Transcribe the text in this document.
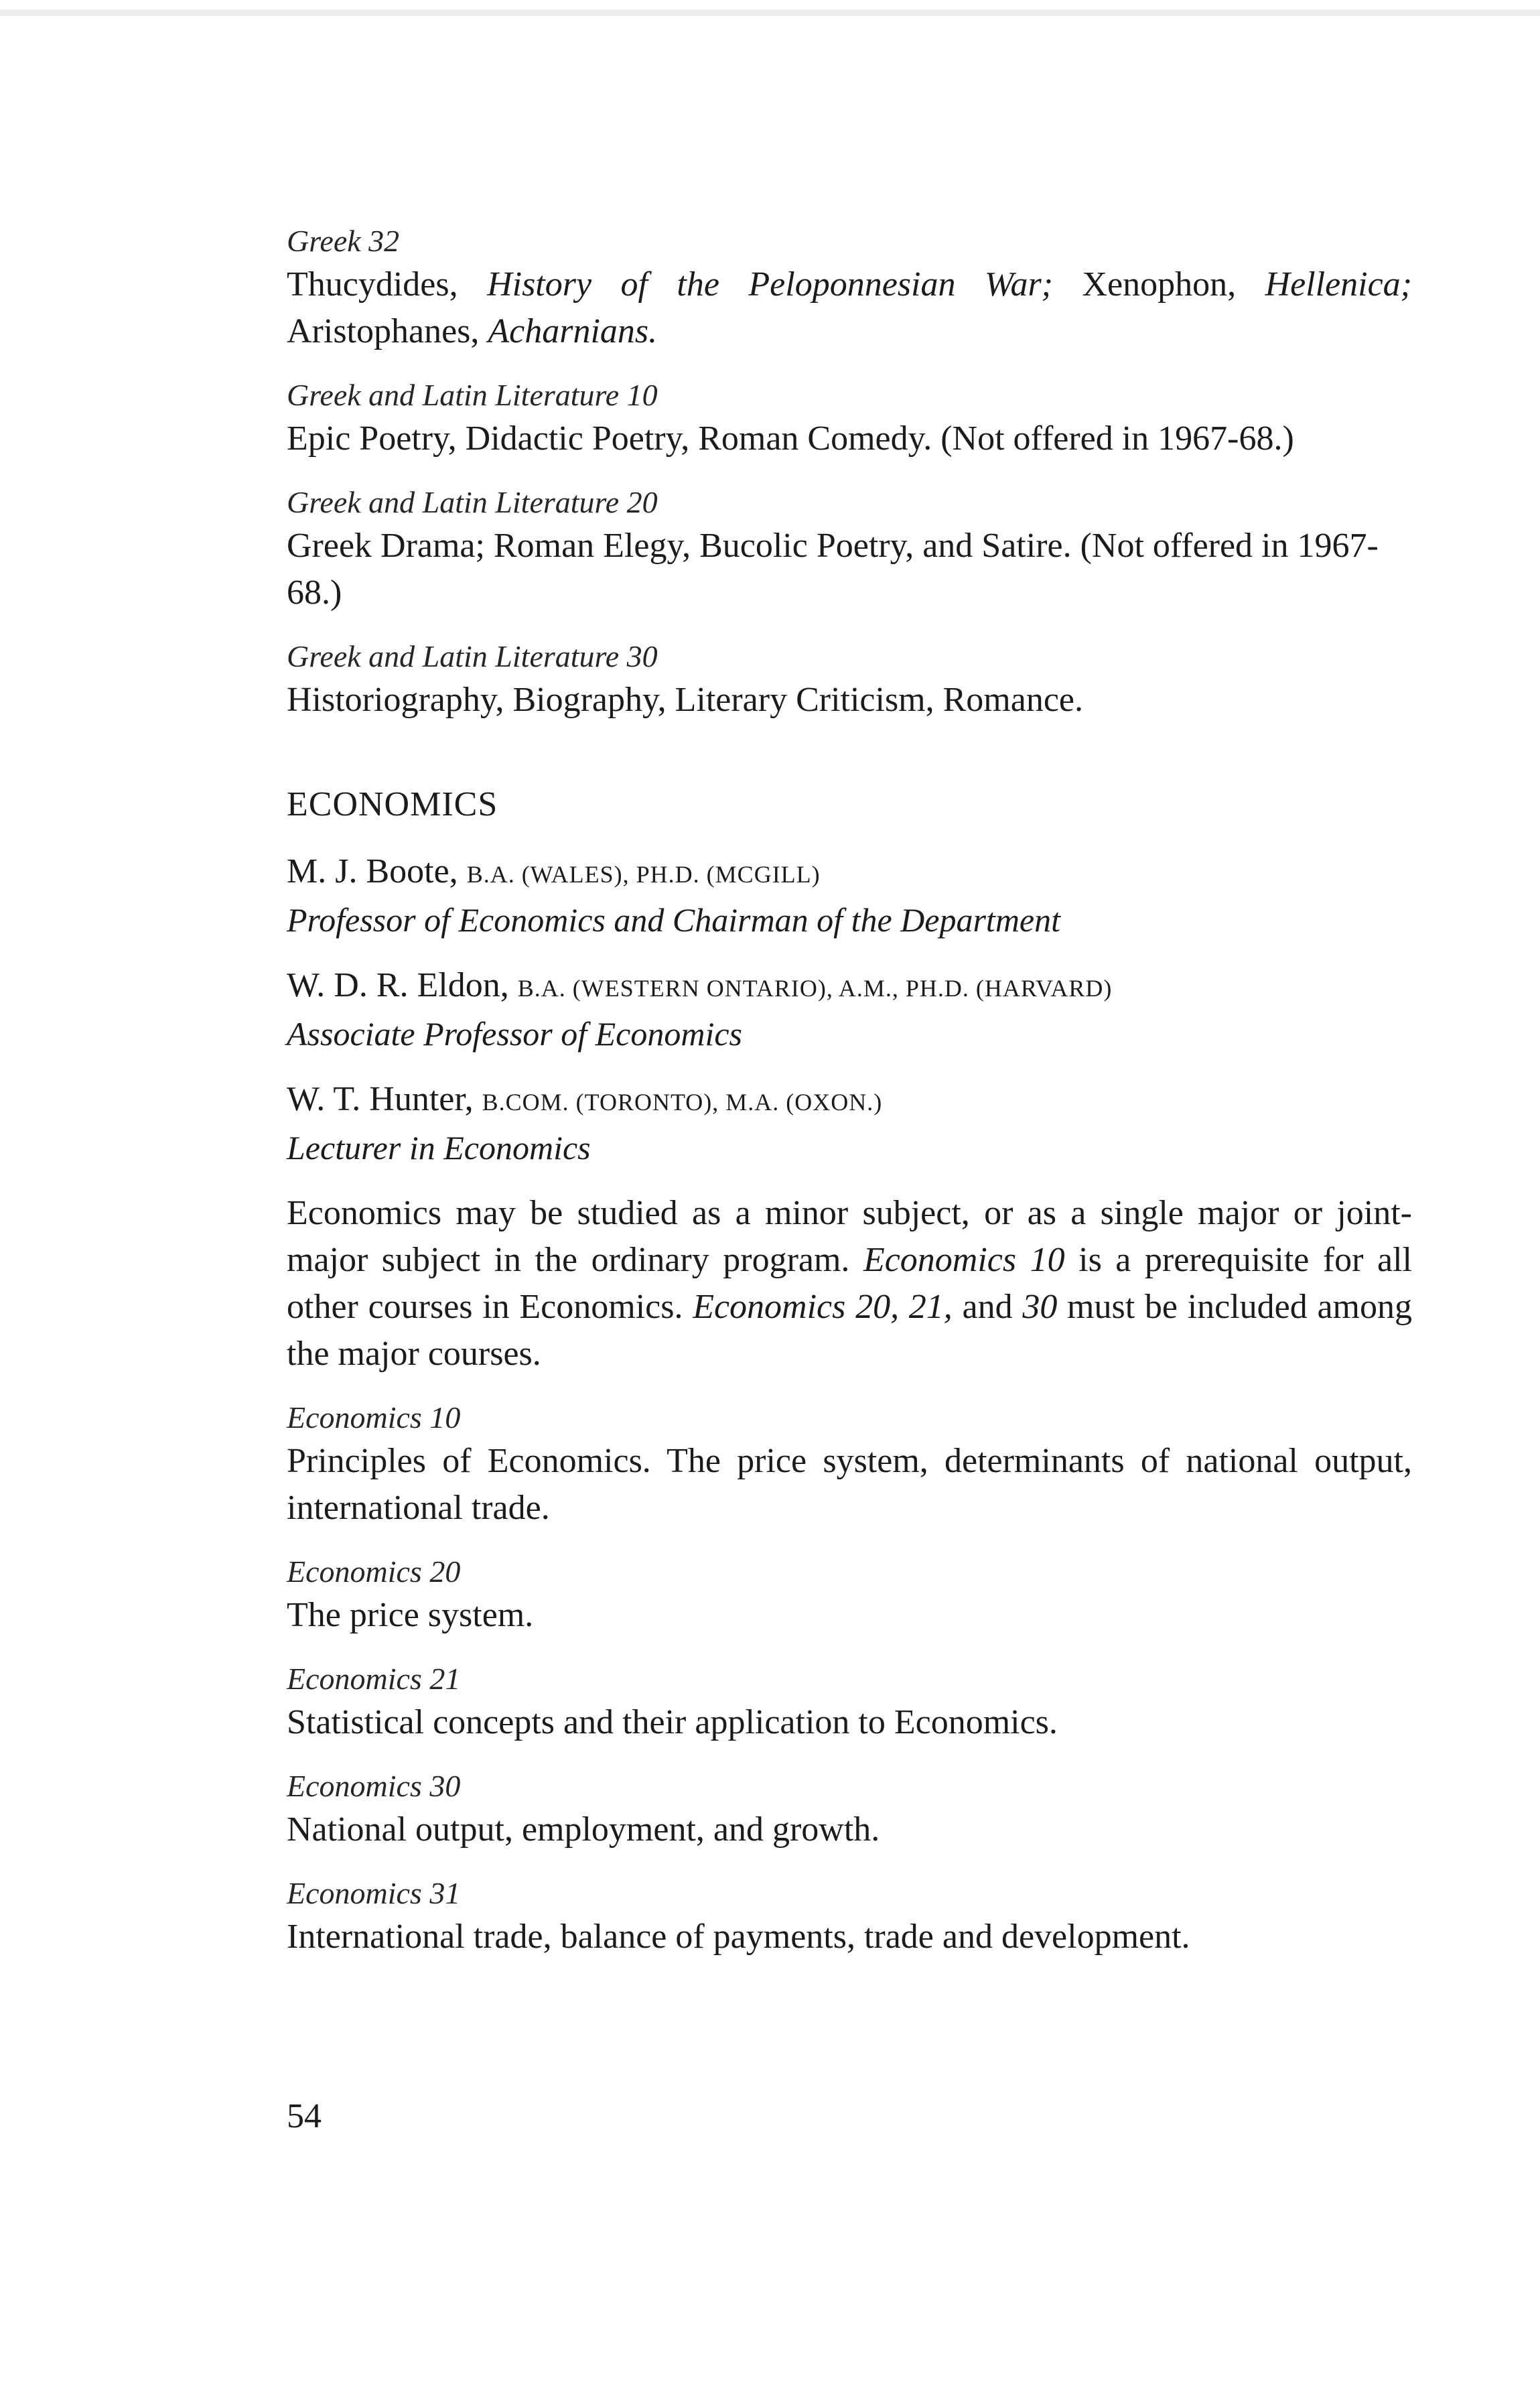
Greek 32
Thucydides, History of the Peloponnesian War; Xenophon, Hellenica; Aristophanes, Acharnians.
Greek and Latin Literature 10
Epic Poetry, Didactic Poetry, Roman Comedy. (Not offered in 1967-68.)
Greek and Latin Literature 20
Greek Drama; Roman Elegy, Bucolic Poetry, and Satire. (Not offered in 1967-68.)
Greek and Latin Literature 30
Historiography, Biography, Literary Criticism, Romance.
ECONOMICS
M. J. Boote, B.A. (WALES), PH.D. (MCGILL)
Professor of Economics and Chairman of the Department
W. D. R. Eldon, B.A. (WESTERN ONTARIO), A.M., PH.D. (HARVARD)
Associate Professor of Economics
W. T. Hunter, B.COM. (TORONTO), M.A. (OXON.)
Lecturer in Economics
Economics may be studied as a minor subject, or as a single major or joint-major subject in the ordinary program. Economics 10 is a prerequisite for all other courses in Economics. Economics 20, 21, and 30 must be included among the major courses.
Economics 10
Principles of Economics. The price system, determinants of national output, international trade.
Economics 20
The price system.
Economics 21
Statistical concepts and their application to Economics.
Economics 30
National output, employment, and growth.
Economics 31
International trade, balance of payments, trade and development.
54
